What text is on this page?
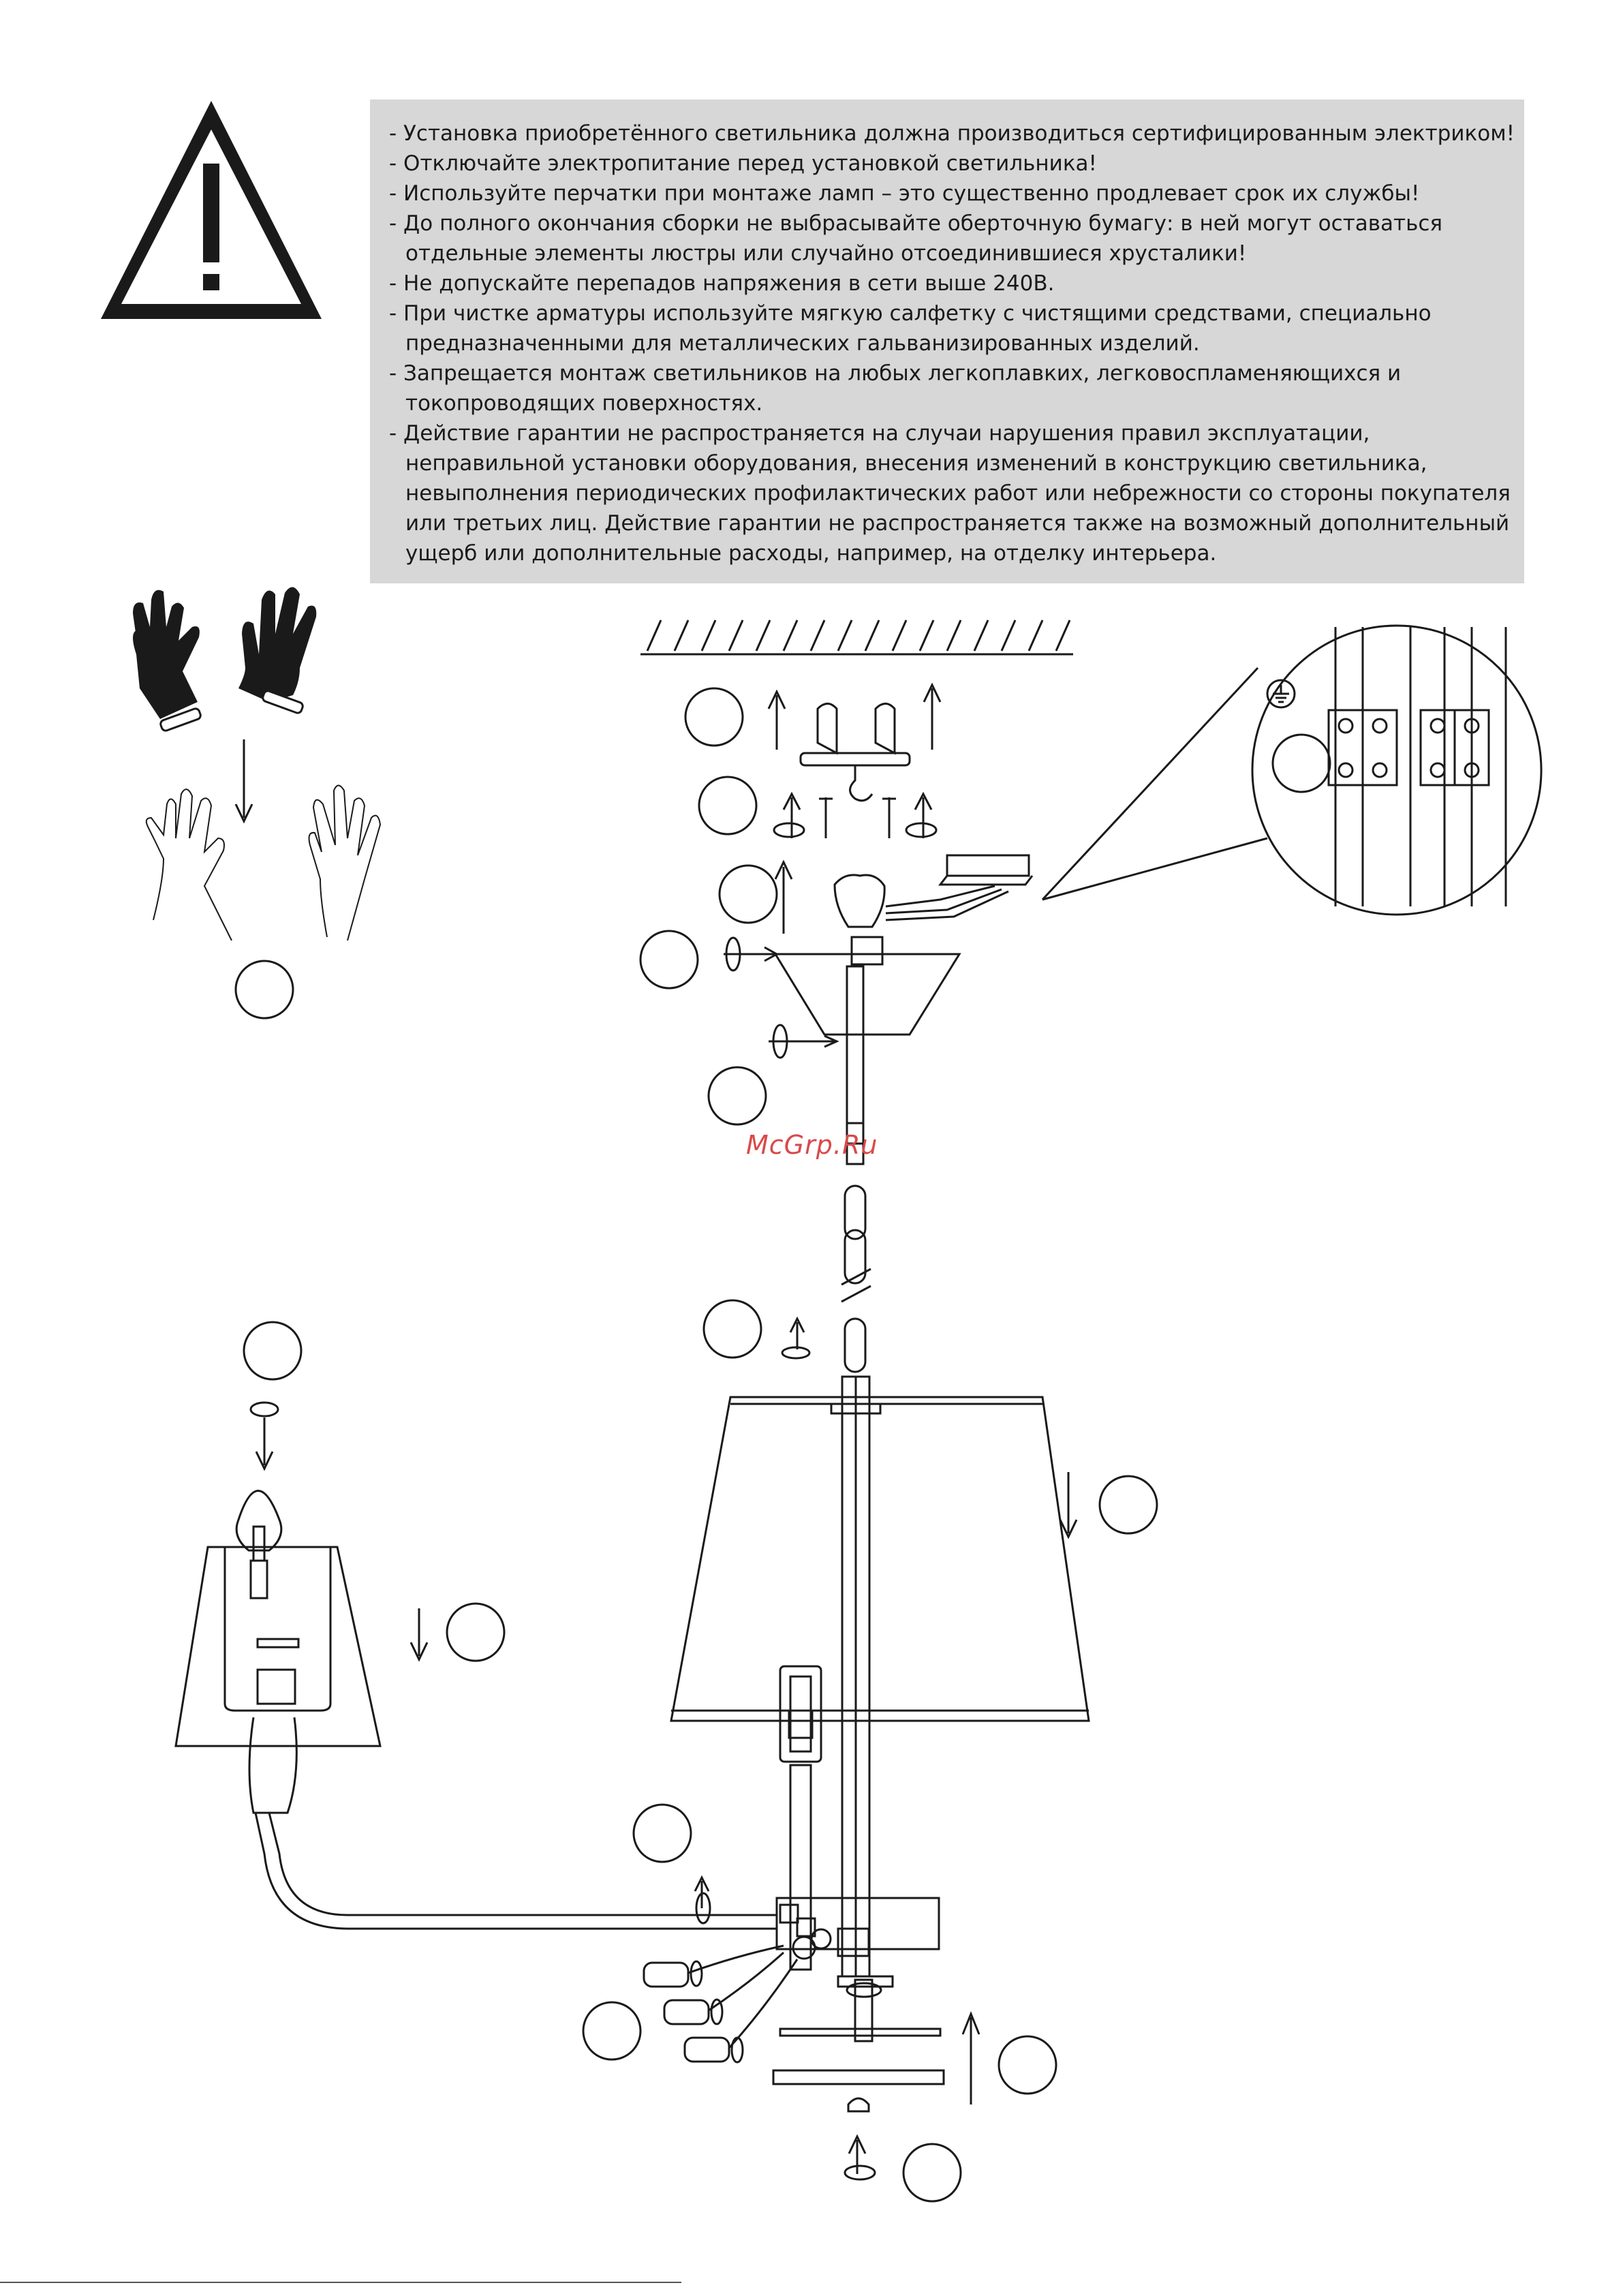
- Установка приобретённого светильника должна производиться сертифицированным электриком!
- Отключайте электропитание перед установкой светильника!
- Используйте перчатки при монтаже ламп – это существенно продлевает срок их службы!
- До полного окончания сборки не выбрасывайте оберточную бумагу: в ней могут оставаться
отдельные элементы люстры или случайно отсоединившиеся хрусталики!
- Не допускайте перепадов напряжения в сети выше 240В.
- При чистке арматуры используйте мягкую салфетку с чистящими средствами, специально
предназначенными для металлических гальванизированных изделий.
- Запрещается монтаж светильников на любых легкоплавких, легковоспламеняющихся и
токопроводящих поверхностях.
- Действие гарантии не распространяется на случаи нарушения правил эксплуатации,
неправильной установки оборудования, внесения изменений в конструкцию светильника,
невыполнения периодических профилактических работ или небрежности со стороны покупателя
или третьих лиц. Действие гарантии не распространяется также на возможный дополнительный
ущерб или дополнительные расходы, например, на отделку интерьера.
McGrp.Ru
